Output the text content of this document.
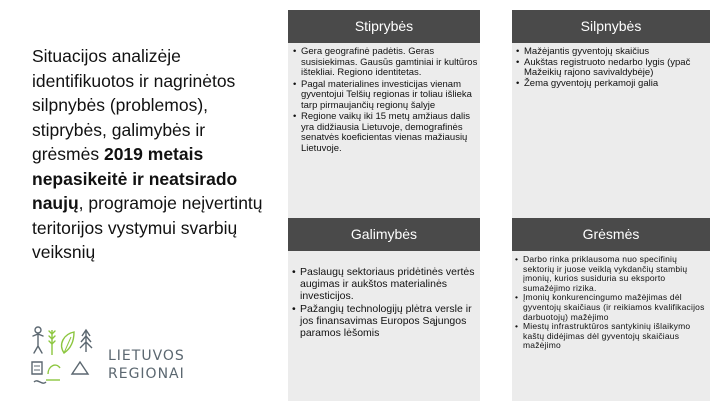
Situacijos analizėje identifikuotos ir nagrinėtos silpnybės (problemos), stiprybės, galimybės ir grėsmės 2019 metais nepasikeitė ir neatsirado naujų, programoje neįvertintų teritorijos vystymui svarbių veiksnių
LIETUVOS
REGIONAI
Stiprybės
• Gera geografinė padėtis. Geras susisiekimas. Gausūs gamtiniai ir kultūros ištekliai. Regiono identitetas.
• Pagal materialines investicijas vienam gyventojui Telšių regionas ir toliau išlieka tarp pirmaujančių regionų šalyje
• Regione vaikų iki 15 metų amžiaus dalis yra didžiausia Lietuvoje, demografinės senatvės koeficientas vienas mažiausių Lietuvoje.
Silpnybės
• Mažėjantis gyventojų skaičius
• Aukštas registruoto nedarbo lygis (ypač Mažeikių rajono savivaldybėje)
• Žema gyventojų perkamoji galia
Galimybės
• Paslaugų sektoriaus pridėtinės vertės augimas ir aukštos materialinės investicijos.
• Pažangių technologijų plėtra versle ir jos finansavimas Europos Sąjungos paramos lėšomis
Grėsmės
• Darbo rinka priklausoma nuo specifinių sektorių ir juose veiklą vykdančių stambių įmonių, kurios susiduria su eksporto sumažėjimo rizika.
• Įmonių konkurencingumo mažėjimas dėl gyventojų skaičiaus (ir reikiamos kvalifikacijos darbuotojų) mažėjimo
• Miestų infrastruktūros santykinių išlaikymo kaštų didėjimas dėl gyventojų skaičiaus mažėjimo
